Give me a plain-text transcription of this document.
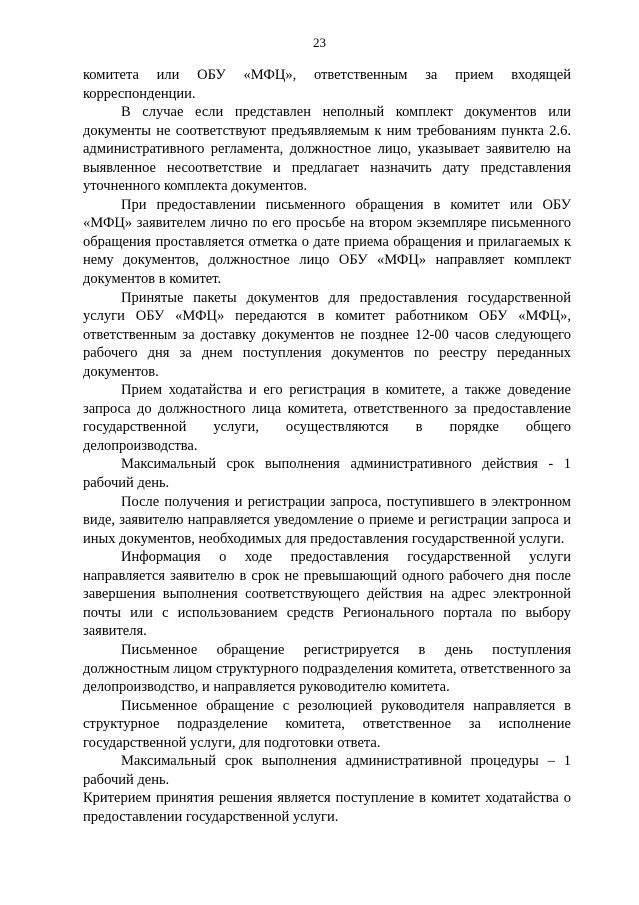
23

комитета или ОБУ «МФЦ», ответственным за прием входящей корреспонденции.

В случае если представлен неполный комплект документов или документы не соответствуют предъявляемым к ним требованиям пункта 2.6. административного регламента, должностное лицо, указывает заявителю на выявленное несоответствие и предлагает назначить дату представления уточненного комплекта документов.

При предоставлении письменного обращения в комитет или ОБУ «МФЦ» заявителем лично по его просьбе на втором экземпляре письменного обращения проставляется отметка о дате приема обращения и прилагаемых к нему документов, должностное лицо ОБУ «МФЦ» направляет комплект документов в комитет.

Принятые пакеты документов для предоставления государственной услуги ОБУ «МФЦ» передаются в комитет работником ОБУ «МФЦ», ответственным за доставку документов не позднее 12-00 часов следующего рабочего дня за днем поступления документов по реестру переданных документов.

Прием ходатайства и его регистрация в комитете, а также доведение запроса до должностного лица комитета, ответственного за предоставление государственной услуги, осуществляются в порядке общего делопроизводства.

Максимальный срок выполнения административного действия - 1 рабочий день.

После получения и регистрации запроса, поступившего в электронном виде, заявителю направляется уведомление о приеме и регистрации запроса и иных документов, необходимых для предоставления государственной услуги.

Информация о ходе предоставления государственной услуги направляется заявителю в срок не превышающий одного рабочего дня после завершения выполнения соответствующего действия на адрес электронной почты или с использованием средств Регионального портала по выбору заявителя.

Письменное обращение регистрируется в день поступления должностным лицом структурного подразделения комитета, ответственного за делопроизводство, и направляется руководителю комитета.

Письменное обращение с резолюцией руководителя направляется в структурное подразделение комитета, ответственное за исполнение государственной услуги, для подготовки ответа.

Максимальный срок выполнения административной процедуры – 1 рабочий день.

Критерием принятия решения является поступление в комитет ходатайства о предоставлении государственной услуги.
